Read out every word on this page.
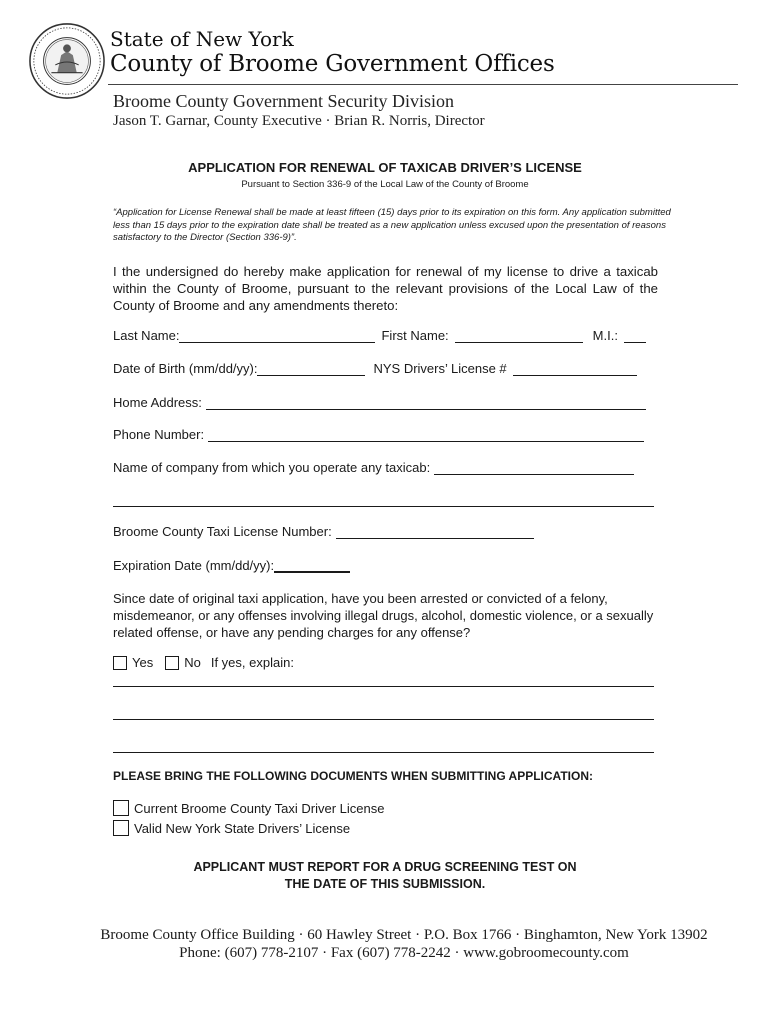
State of New York
County of Broome Government Offices
Broome County Government Security Division
Jason T. Garnar, County Executive · Brian R. Norris, Director
APPLICATION FOR RENEWAL OF TAXICAB DRIVER’S LICENSE
Pursuant to Section 336-9 of the Local Law of the County of Broome
“Application for License Renewal shall be made at least fifteen (15) days prior to its expiration on this form. Any application submitted less than 15 days prior to the expiration date shall be treated as a new application unless excused upon the presentation of reasons satisfactory to the Director (Section 336-9)”.
I the undersigned do hereby make application for renewal of my license to drive a taxicab within the County of Broome, pursuant to the relevant provisions of the Local Law of the County of Broome and any amendments thereto:
Last Name:	First Name:	M.I.:
Date of Birth (mm/dd/yy):	NYS Drivers’ License #
Home Address:
Phone Number:
Name of company from which you operate any taxicab:
Broome County Taxi License Number:
Expiration Date (mm/dd/yy):
Since date of original taxi application, have you been arrested or convicted of a felony, misdemeanor, or any offenses involving illegal drugs, alcohol, domestic violence, or a sexually related offense, or have any pending charges for any offense?
Yes No If yes, explain:
PLEASE BRING THE FOLLOWING DOCUMENTS WHEN SUBMITTING APPLICATION:
Current Broome County Taxi Driver License
Valid New York State Drivers’ License
APPLICANT MUST REPORT FOR A DRUG SCREENING TEST ON
THE DATE OF THIS SUBMISSION.
Broome County Office Building · 60 Hawley Street · P.O. Box 1766 · Binghamton, New York 13902
Phone: (607) 778-2107 · Fax (607) 778-2242 · www.gobroomecounty.com
